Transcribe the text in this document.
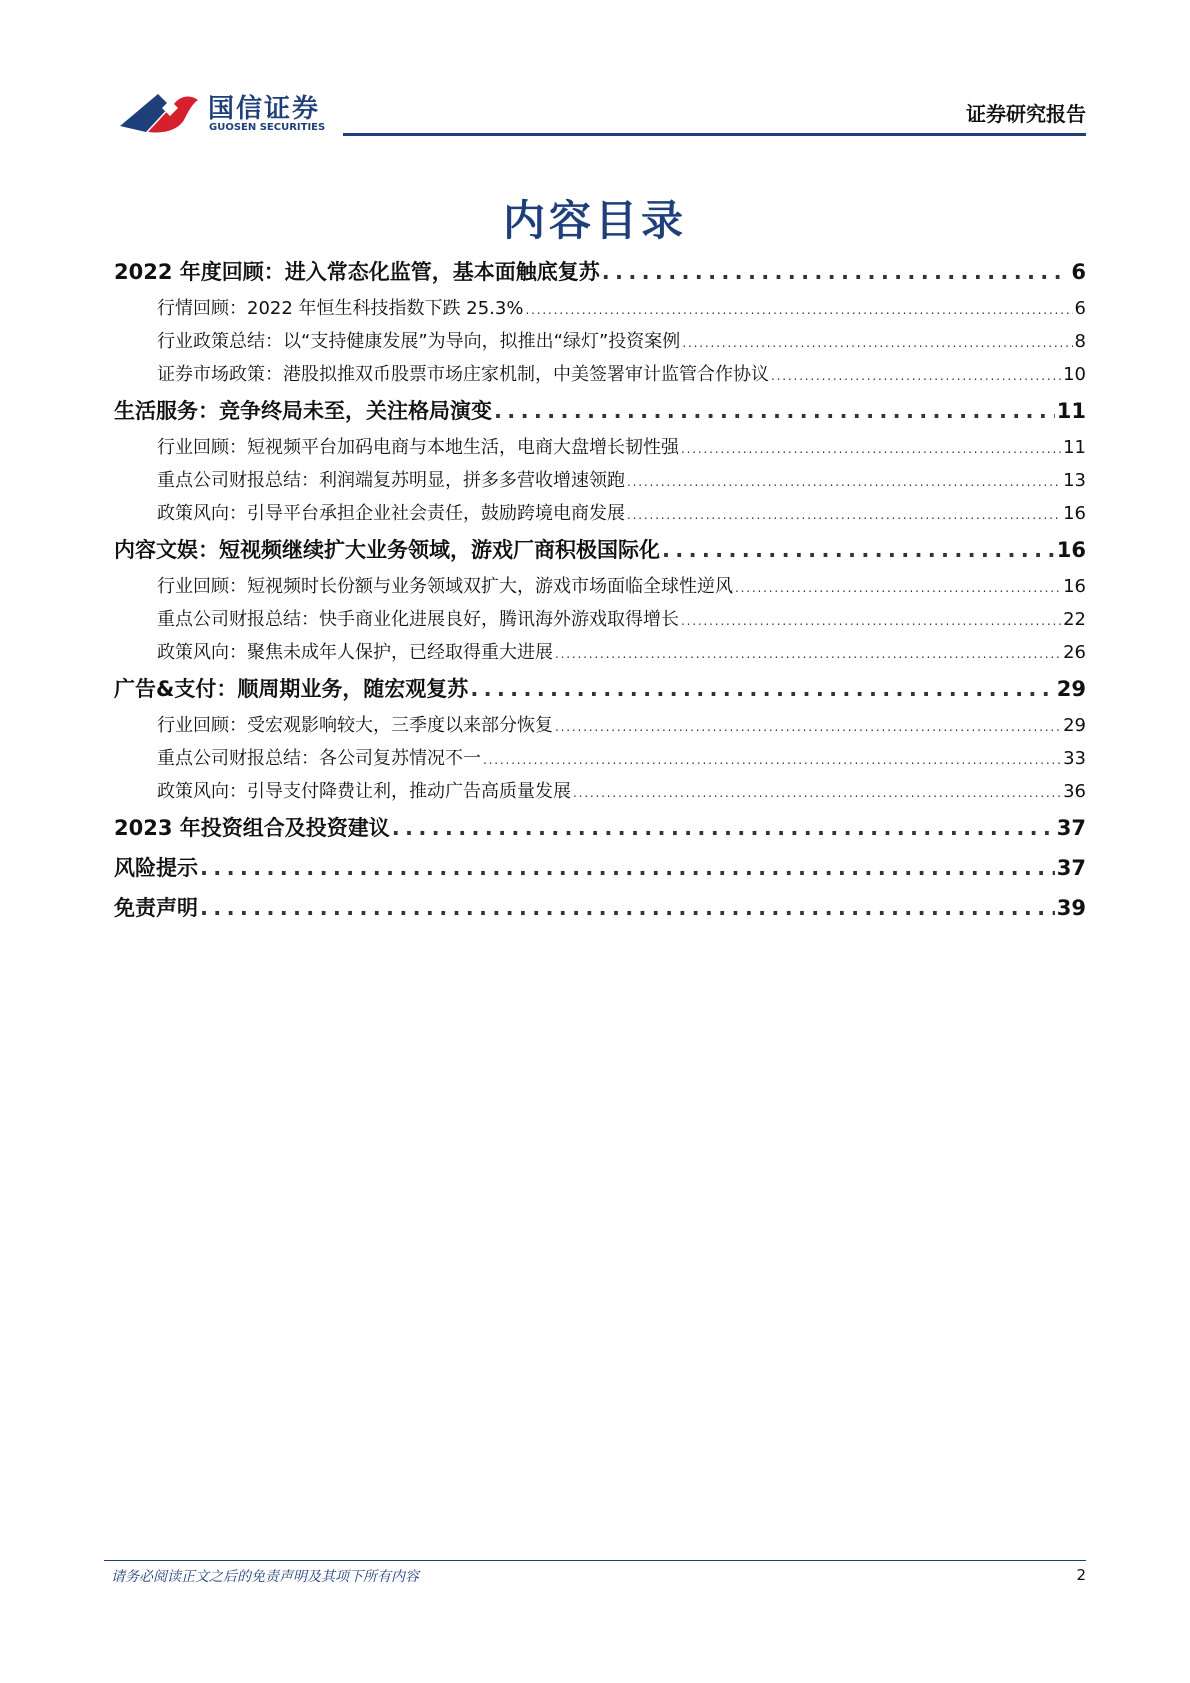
国信证券
GUOSEN SECURITIES
证券研究报告
内容目录
2022 年度回顾：进入常态化监管，基本面触底复苏 . . .	6
行情回顾：2022 年恒生科技指数下跌 25.3% . . .	6
行业政策总结：以“支持健康发展”为导向，拟推出“绿灯”投资案例 . . .	8
证券市场政策：港股拟推双币股票市场庄家机制，中美签署审计监管合作协议 . . .	10
生活服务：竞争终局未至，关注格局演变 . . .	11
行业回顾：短视频平台加码电商与本地生活，电商大盘增长韧性强 . . .	11
重点公司财报总结：利润端复苏明显，拼多多营收增速领跑 . . .	13
政策风向：引导平台承担企业社会责任，鼓励跨境电商发展 . . .	16
内容文娱：短视频继续扩大业务领域，游戏厂商积极国际化 . . .	16
行业回顾：短视频时长份额与业务领域双扩大，游戏市场面临全球性逆风 . . .	16
重点公司财报总结：快手商业化进展良好，腾讯海外游戏取得增长 . . .	22
政策风向：聚焦未成年人保护，已经取得重大进展 . . .	26
广告&支付：顺周期业务，随宏观复苏 . . .	29
行业回顾：受宏观影响较大，三季度以来部分恢复 . . .	29
重点公司财报总结：各公司复苏情况不一 . . .	33
政策风向：引导支付降费让利，推动广告高质量发展 . . .	36
2023 年投资组合及投资建议 . . .	37
风险提示 . . .	37
免责声明 . . .	39
请务必阅读正文之后的免责声明及其项下所有内容	2
